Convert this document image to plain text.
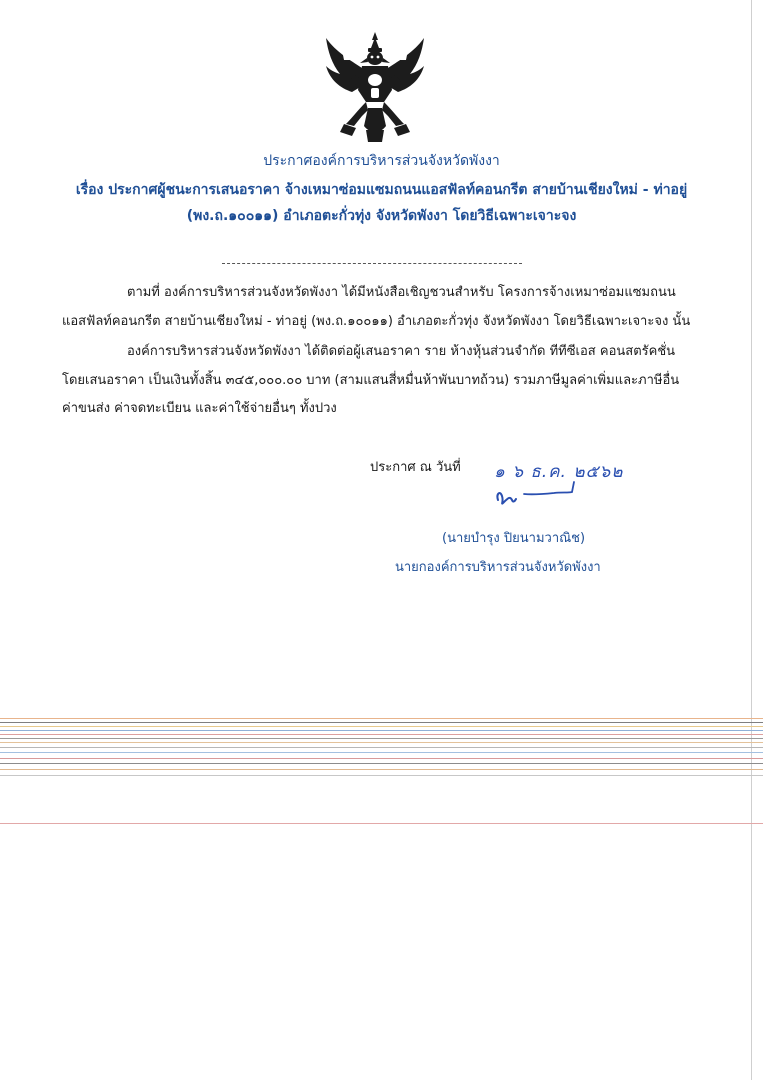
ประกาศองค์การบริหารส่วนจังหวัดพังงา
เรื่อง ประกาศผู้ชนะการเสนอราคา จ้างเหมาซ่อมแซมถนนแอสฟัลท์คอนกรีต สายบ้านเชียงใหม่ - ท่าอยู่
(พง.ถ.๑๐๐๑๑) อำเภอตะกั่วทุ่ง จังหวัดพังงา โดยวิธีเฉพาะเจาะจง
ตามที่ องค์การบริหารส่วนจังหวัดพังงา ได้มีหนังสือเชิญชวนสำหรับ โครงการจ้างเหมาซ่อมแซมถนน
แอสฟัลท์คอนกรีต สายบ้านเชียงใหม่ - ท่าอยู่ (พง.ถ.๑๐๐๑๑) อำเภอตะกั่วทุ่ง จังหวัดพังงา โดยวิธีเฉพาะเจาะจง นั้น
องค์การบริหารส่วนจังหวัดพังงา ได้ติดต่อผู้เสนอราคา ราย ห้างหุ้นส่วนจำกัด ทีทีซีเอส คอนสตรัคชั่น
โดยเสนอราคา เป็นเงินทั้งสิ้น ๓๔๕,๐๐๐.๐๐ บาท (สามแสนสี่หมื่นห้าพันบาทถ้วน) รวมภาษีมูลค่าเพิ่มและภาษีอื่น
ค่าขนส่ง ค่าจดทะเบียน และค่าใช้จ่ายอื่นๆ ทั้งปวง
ประกาศ ณ วันที่ ๑ ๖ ธ.ค. ๒๕๖๒
(นายบำรุง ปิยนามวาณิช)
นายกองค์การบริหารส่วนจังหวัดพังงา
